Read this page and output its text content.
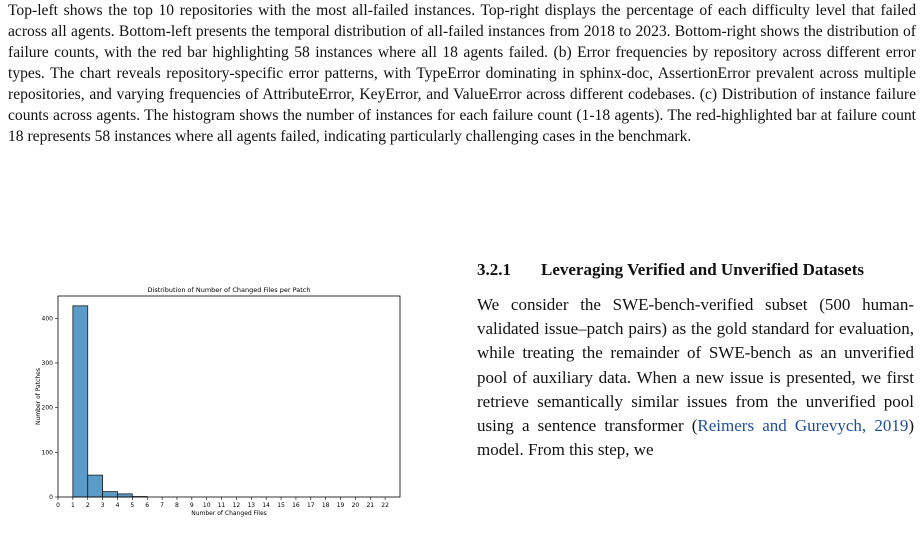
Top-left shows the top 10 repositories with the most all-failed instances. Top-right displays the percentage of each difficulty level that failed across all agents. Bottom-left presents the temporal distribution of all-failed instances from 2018 to 2023. Bottom-right shows the distribution of failure counts, with the red bar highlighting 58 instances where all 18 agents failed. (b) Error frequencies by repository across different error types. The chart reveals repository-specific error patterns, with TypeError dominating in sphinx-doc, AssertionError prevalent across multiple repositories, and varying frequencies of AttributeError, KeyError, and ValueError across different codebases. (c) Distribution of instance failure counts across agents. The histogram shows the number of instances for each failure count (1-18 agents). The red-highlighted bar at failure count 18 represents 58 instances where all agents failed, indicating particularly challenging cases in the benchmark.
0 1 2 3 4 5 6 7 8 9 10 11 12 13 14 15 16 17 18 19 20 21 22
0
100
200
300
400
Distribution of Number of Changed Files per Patch
Number of Changed Files
Number of Patches
3.2.1	Leveraging Verified and Unverified Datasets
We consider the SWE-bench-verified subset (500 human-validated issue–patch pairs) as the gold standard for evaluation, while treating the remainder of SWE-bench as an unverified pool of auxiliary data. When a new issue is presented, we first retrieve semantically similar issues from the unverified pool using a sentence transformer (Reimers and Gurevych, 2019) model. From this step, we
